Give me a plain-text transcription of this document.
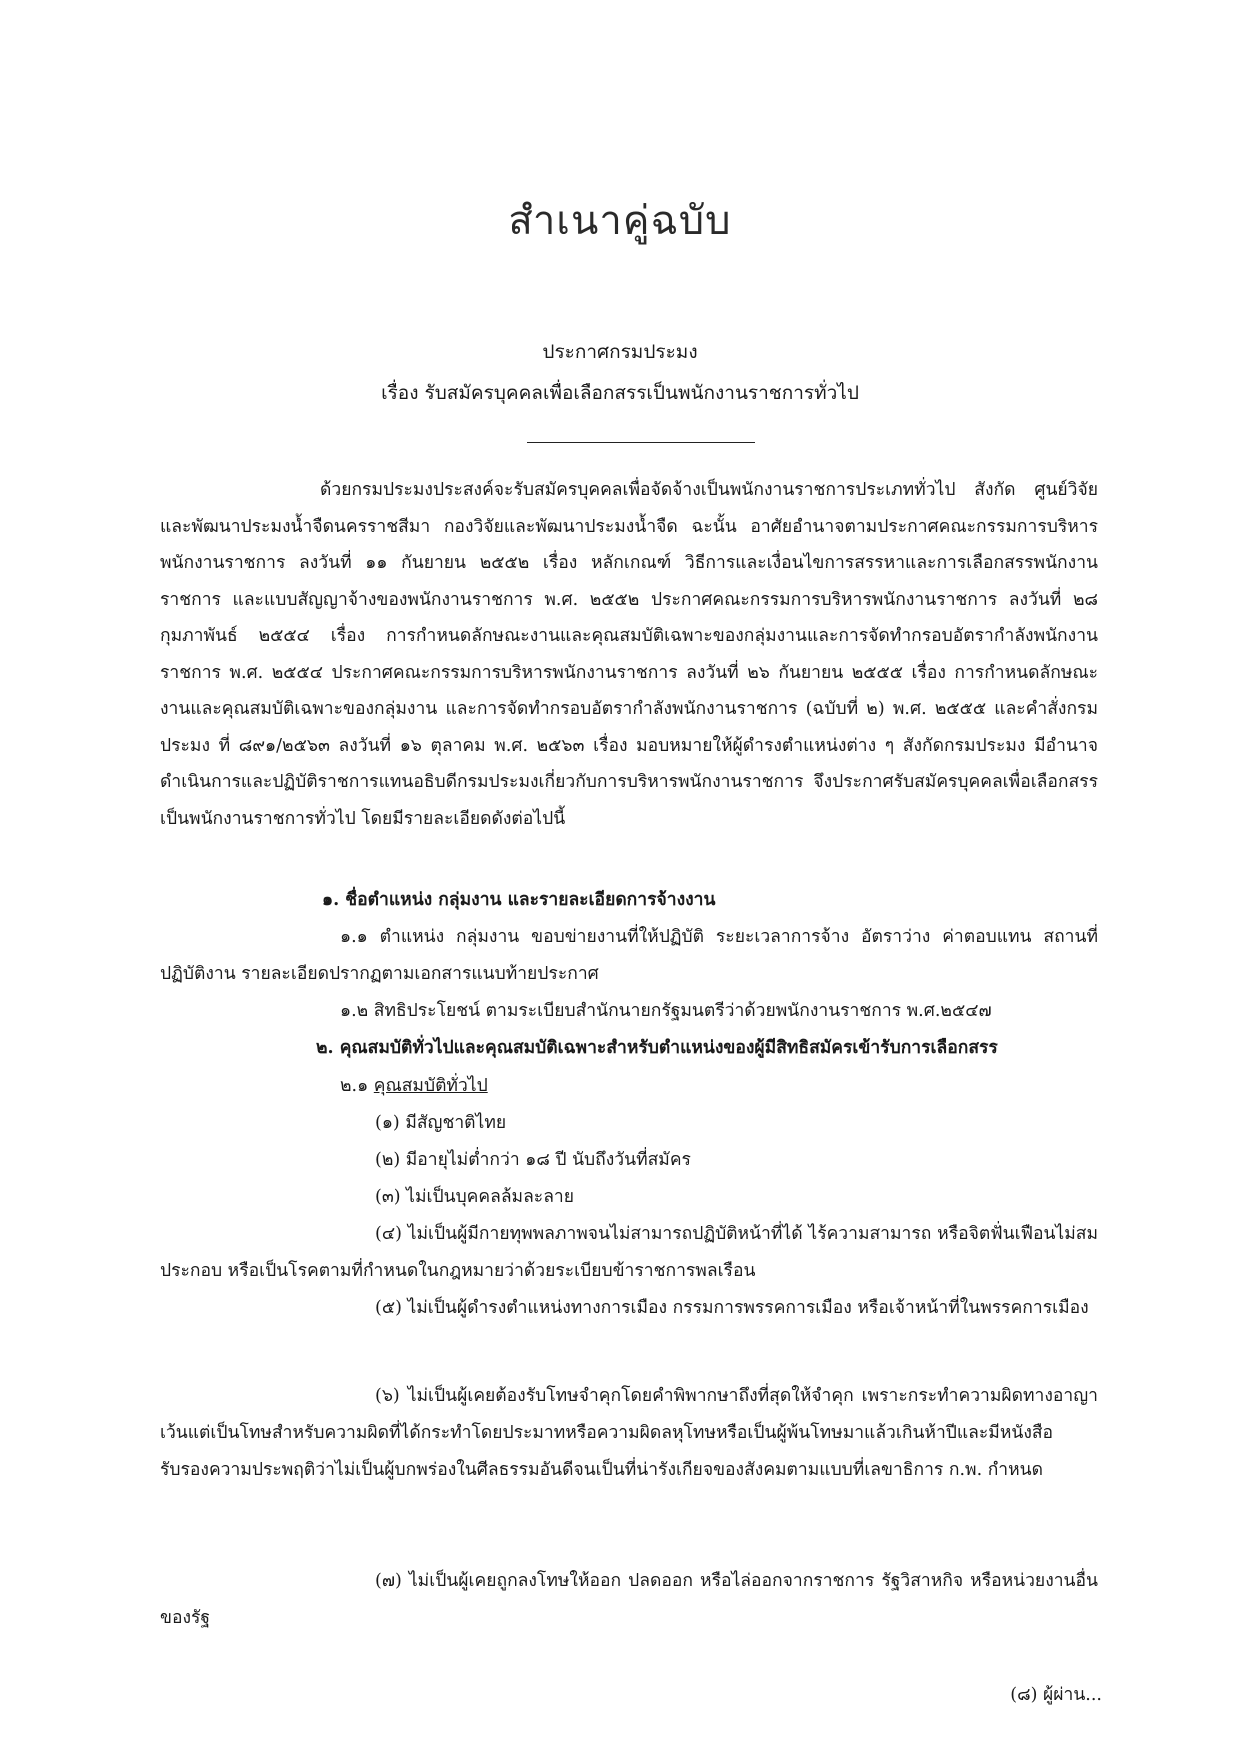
สำเนาคู่ฉบับ
ประกาศกรมประมง
เรื่อง รับสมัครบุคคลเพื่อเลือกสรรเป็นพนักงานราชการทั่วไป
ด้วยกรมประมงประสงค์จะรับสมัครบุคคลเพื่อจัดจ้างเป็นพนักงานราชการประเภททั่วไป สังกัด ศูนย์วิจัยและพัฒนาประมงน้ำจืดนครราชสีมา กองวิจัยและพัฒนาประมงน้ำจืด ฉะนั้น อาศัยอำนาจตามประกาศคณะกรรมการบริหารพนักงานราชการ ลงวันที่ ๑๑ กันยายน ๒๕๕๒ เรื่อง หลักเกณฑ์ วิธีการและเงื่อนไขการสรรหาและการเลือกสรรพนักงานราชการ และแบบสัญญาจ้างของพนักงานราชการ พ.ศ. ๒๕๕๒ ประกาศคณะกรรมการบริหารพนักงานราชการ ลงวันที่ ๒๘ กุมภาพันธ์ ๒๕๕๔ เรื่อง การกำหนดลักษณะงานและคุณสมบัติเฉพาะของกลุ่มงานและการจัดทำกรอบอัตรากำลังพนักงานราชการ พ.ศ. ๒๕๕๔ ประกาศคณะกรรมการบริหารพนักงานราชการ ลงวันที่ ๒๖ กันยายน ๒๕๕๕ เรื่อง การกำหนดลักษณะงานและคุณสมบัติเฉพาะของกลุ่มงาน และการจัดทำกรอบอัตรากำลังพนักงานราชการ (ฉบับที่ ๒) พ.ศ. ๒๕๕๕ และคำสั่งกรมประมง ที่ ๘๙๑/๒๕๖๓ ลงวันที่ ๑๖ ตุลาคม พ.ศ. ๒๕๖๓ เรื่อง มอบหมายให้ผู้ดำรงตำแหน่งต่าง ๆ สังกัดกรมประมง มีอำนาจดำเนินการและปฏิบัติราชการแทนอธิบดีกรมประมงเกี่ยวกับการบริหารพนักงานราชการ จึงประกาศรับสมัครบุคคลเพื่อเลือกสรรเป็นพนักงานราชการทั่วไป โดยมีรายละเอียดดังต่อไปนี้
๑. ชื่อตำแหน่ง กลุ่มงาน และรายละเอียดการจ้างงาน
๑.๑ ตำแหน่ง กลุ่มงาน ขอบข่ายงานที่ให้ปฏิบัติ ระยะเวลาการจ้าง อัตราว่าง ค่าตอบแทน สถานที่ปฏิบัติงาน รายละเอียดปรากฏตามเอกสารแนบท้ายประกาศ
๑.๒ สิทธิประโยชน์ ตามระเบียบสำนักนายกรัฐมนตรีว่าด้วยพนักงานราชการ พ.ศ.๒๕๔๗
๒. คุณสมบัติทั่วไปและคุณสมบัติเฉพาะสำหรับตำแหน่งของผู้มีสิทธิสมัครเข้ารับการเลือกสรร
๒.๑ คุณสมบัติทั่วไป
(๑) มีสัญชาติไทย
(๒) มีอายุไม่ต่ำกว่า ๑๘ ปี นับถึงวันที่สมัคร
(๓) ไม่เป็นบุคคลล้มละลาย
(๔) ไม่เป็นผู้มีกายทุพพลภาพจนไม่สามารถปฏิบัติหน้าที่ได้ ไร้ความสามารถ หรือจิตฟั่นเฟือนไม่สมประกอบ หรือเป็นโรคตามที่กำหนดในกฎหมายว่าด้วยระเบียบข้าราชการพลเรือน
(๕) ไม่เป็นผู้ดำรงตำแหน่งทางการเมือง กรรมการพรรคการเมือง หรือเจ้าหน้าที่ในพรรคการเมือง
(๖) ไม่เป็นผู้เคยต้องรับโทษจำคุกโดยคำพิพากษาถึงที่สุดให้จำคุก เพราะกระทำความผิดทางอาญา เว้นแต่เป็นโทษสำหรับความผิดที่ได้กระทำโดยประมาทหรือความผิดลหุโทษหรือเป็นผู้พ้นโทษมาแล้วเกินห้าปีและมีหนังสือรับรองความประพฤติว่าไม่เป็นผู้บกพร่องในศีลธรรมอันดีจนเป็นที่น่ารังเกียจของสังคมตามแบบที่เลขาธิการ ก.พ. กำหนด
(๗) ไม่เป็นผู้เคยถูกลงโทษให้ออก ปลดออก หรือไล่ออกจากราชการ รัฐวิสาหกิจ หรือหน่วยงานอื่นของรัฐ
(๘) ผู้ผ่าน...
